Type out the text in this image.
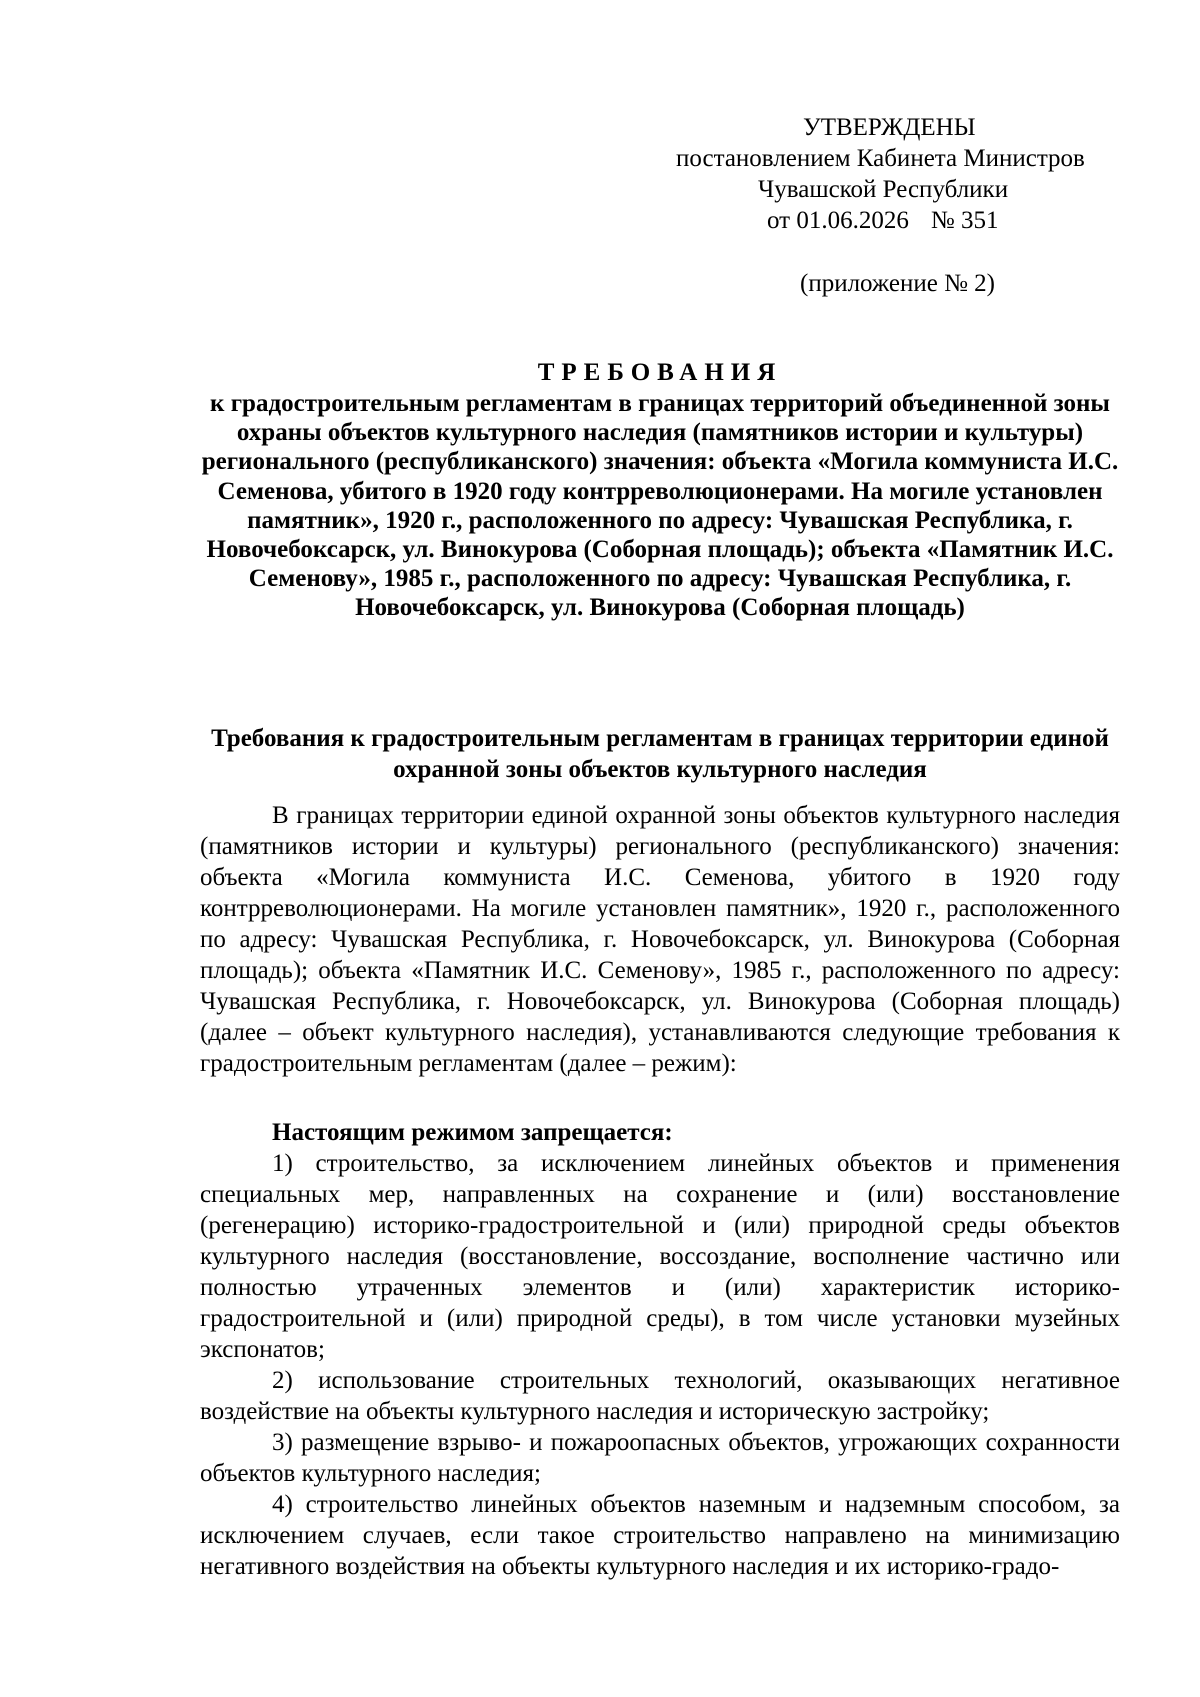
УТВЕРЖДЕНЫ
постановлением Кабинета Министров
Чувашской Республики
от 01.06.2026 № 351
(приложение № 2)
ТРЕБОВАНИЯ
к градостроительным регламентам в границах территорий объединенной зоны охраны объектов культурного наследия (памятников истории и культуры) регионального (республиканского) значения: объекта «Могила коммуниста И.С. Семенова, убитого в 1920 году контрреволюционерами. На могиле установлен памятник», 1920 г., расположенного по адресу: Чувашская Республика, г. Новочебоксарск, ул. Винокурова (Соборная площадь); объекта «Памятник И.С. Семенову», 1985 г., расположенного по адресу: Чувашская Республика, г. Новочебоксарск, ул. Винокурова (Соборная площадь)
Требования к градостроительным регламентам в границах территории единой охранной зоны объектов культурного наследия

В границах территории единой охранной зоны объектов культурного наследия (памятников истории и культуры) регионального (республиканского) значения: объекта «Могила коммуниста И.С. Семенова, убитого в 1920 году контрреволюционерами. На могиле установлен памятник», 1920 г., расположенного по адресу: Чувашская Республика, г. Новочебоксарск, ул. Винокурова (Соборная площадь); объекта «Памятник И.С. Семенову», 1985 г., расположенного по адресу: Чувашская Республика, г. Новочебоксарск, ул. Винокурова (Соборная площадь) (далее – объект культурного наследия), устанавливаются следующие требования к градостроительным регламентам (далее – режим):

Настоящим режимом запрещается:

1) строительство, за исключением линейных объектов и применения специальных мер, направленных на сохранение и (или) восстановление (регенерацию) историко-градостроительной и (или) природной среды объектов культурного наследия (восстановление, воссоздание, восполнение частично или полностью утраченных элементов и (или) характеристик историко-градостроительной и (или) природной среды), в том числе установки музейных экспонатов;

2) использование строительных технологий, оказывающих негативное воздействие на объекты культурного наследия и историческую застройку;

3) размещение взрыво- и пожароопасных объектов, угрожающих сохранности объектов культурного наследия;

4) строительство линейных объектов наземным и надземным способом, за исключением случаев, если такое строительство направлено на минимизацию негативного воздействия на объекты культурного наследия и их историко-градо-
